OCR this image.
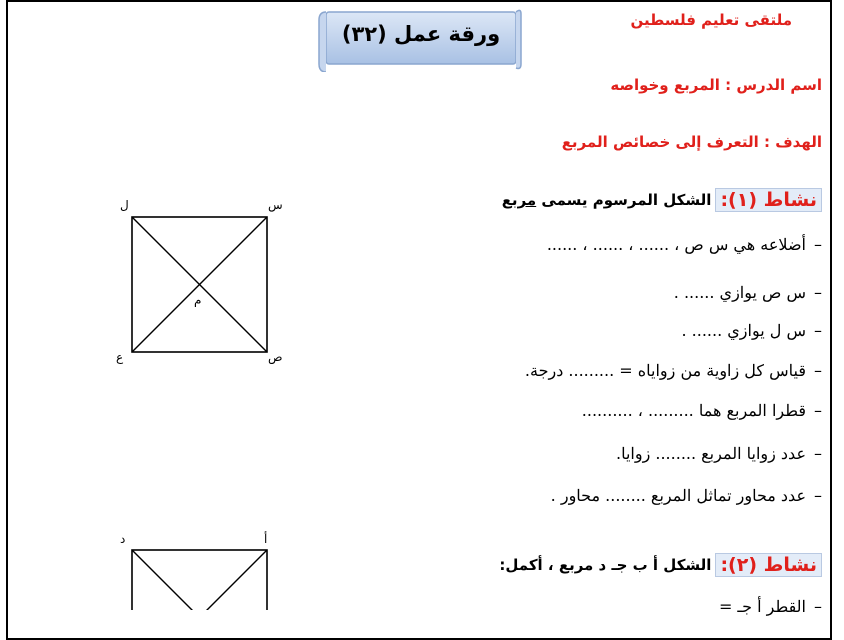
ورقة عمل (٣٢)
ملتقى تعليم فلسطين
اسم الدرس : المربع وخواصه
الهدف : التعرف إلى خصائص المربع
نشاط (١):الشكل المرسوم يسمى مربع
–أضلاعه هي س ص ، ...... ، ...... ، ......
–س ص يوازي ...... .
–س ل يوازي ...... .
–قياس كل زاوية من زواياه = ......... درجة.
–قطرا المربع هما ......... ، ..........
–عدد زوايا المربع ........ زوايا.
–عدد محاور تماثل المربع ........ محاور .
س
ل
ص
ع
م
نشاط (٢):الشكل أ ب جـ د مربع ، أكمل:
–القطر أ جـ =
أ
د
